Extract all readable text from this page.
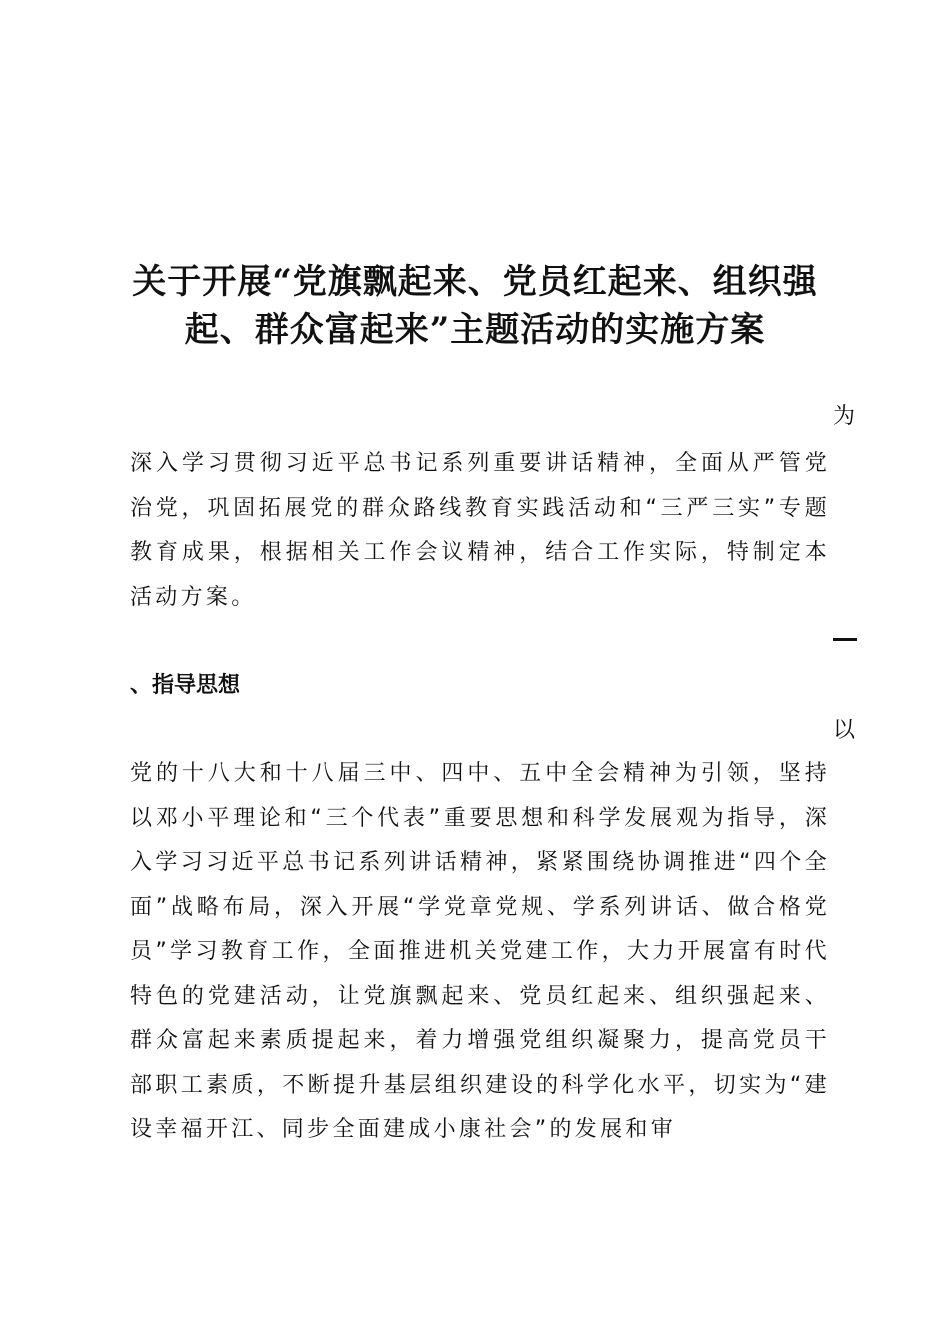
关于开展“党旗飘起来、党员红起来、组织强
起、群众富起来”主题活动的实施方案
为
深入学习贯彻习近平总书记系列重要讲话精神，全面从严管党治党，巩固拓展党的群众路线教育实践活动和“三严三实”专题教育成果，根据相关工作会议精神，结合工作实际，特制定本活动方案。
、指导思想
以
党的十八大和十八届三中、四中、五中全会精神为引领，坚持以邓小平理论和“三个代表”重要思想和科学发展观为指导，深入学习习近平总书记系列讲话精神，紧紧围绕协调推进“四个全面”战略布局，深入开展“学党章党规、学系列讲话、做合格党员”学习教育工作，全面推进机关党建工作，大力开展富有时代特色的党建活动，让党旗飘起来、党员红起来、组织强起来、群众富起来素质提起来，着力增强党组织凝聚力，提高党员干部职工素质，不断提升基层组织建设的科学化水平，切实为“建设幸福开江、同步全面建成小康社会”的发展和审
